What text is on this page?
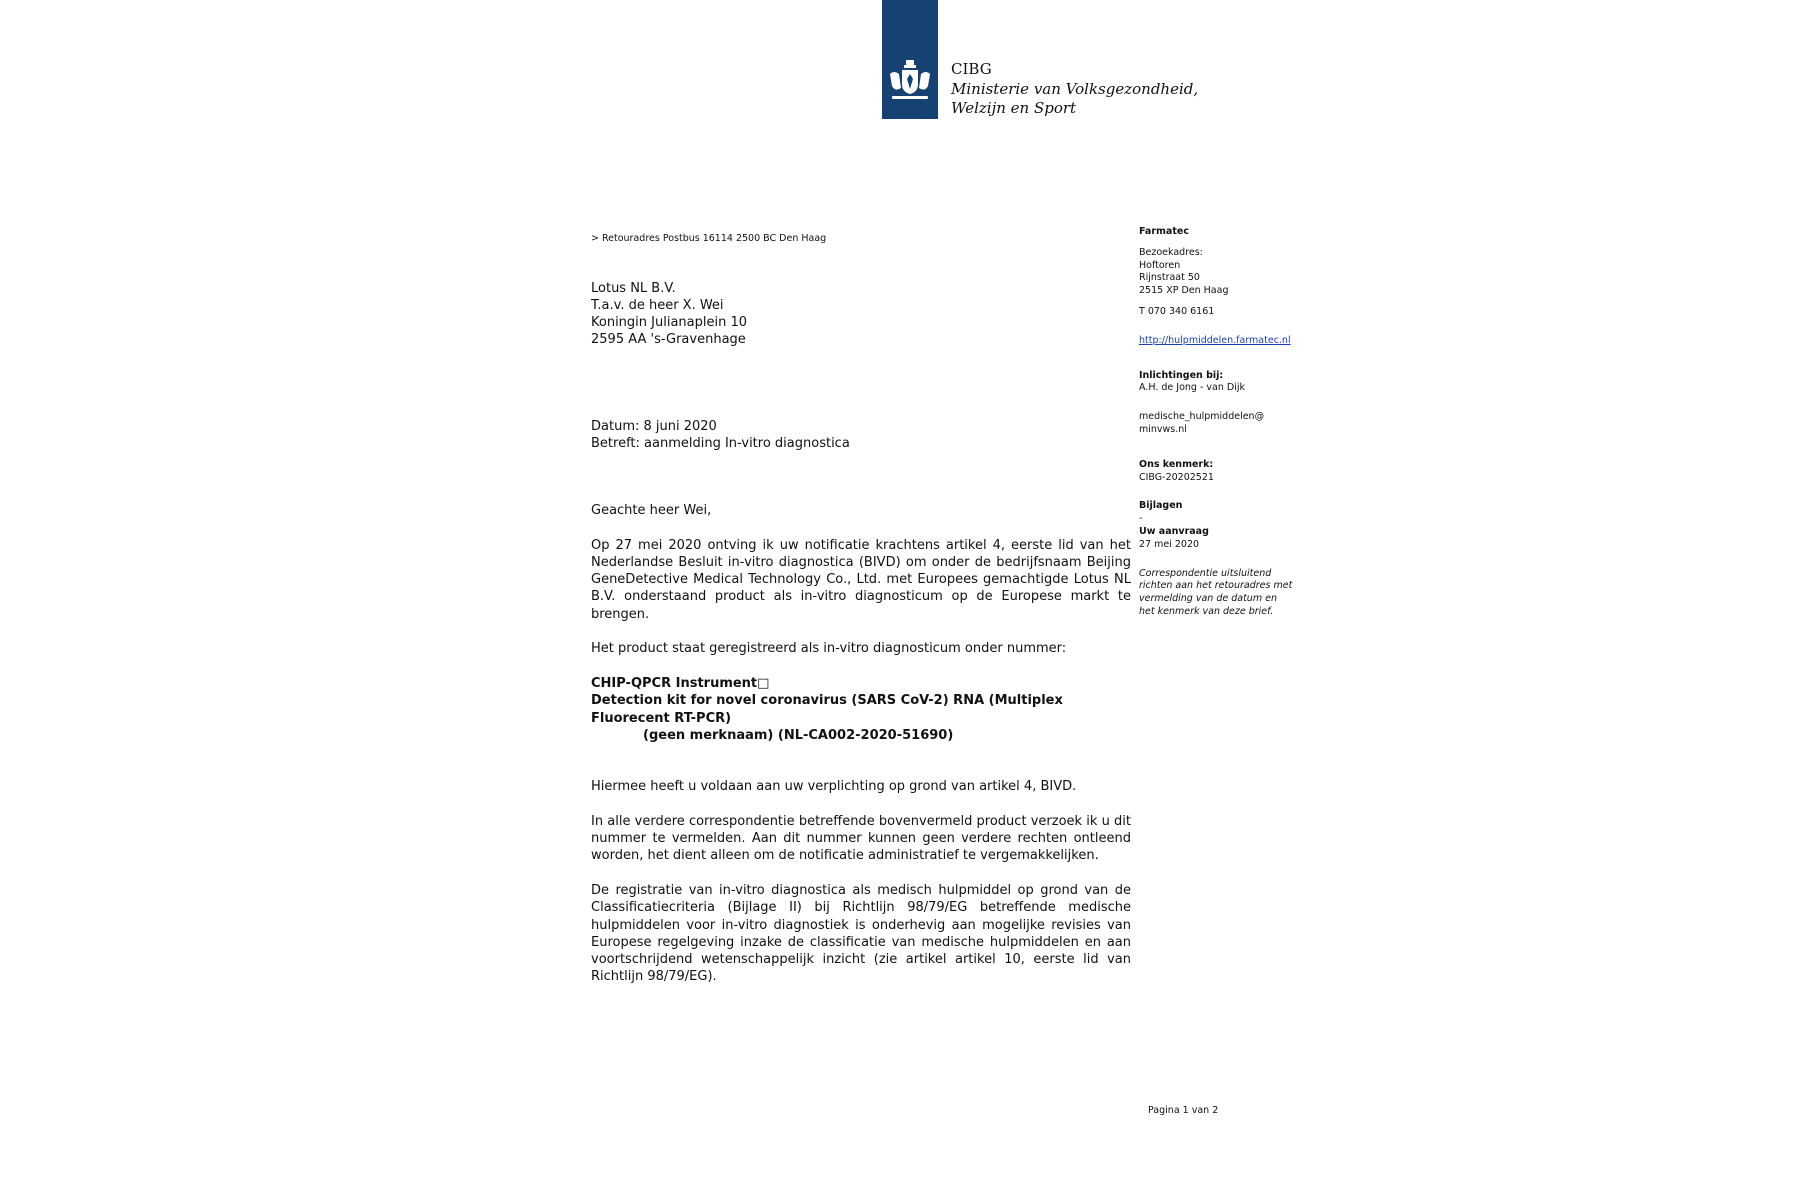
CIBG
Ministerie van Volksgezondheid,
Welzijn en Sport
> Retouradres Postbus 16114 2500 BC Den Haag
Lotus NL B.V.
T.a.v. de heer X. Wei
Koningin Julianaplein 10
2595 AA 's-Gravenhage
Datum: 8 juni 2020
Betreft: aanmelding In-vitro diagnostica
Geachte heer Wei,

Op 27 mei 2020 ontving ik uw notificatie krachtens artikel 4, eerste lid van het Nederlandse Besluit in-vitro diagnostica (BIVD) om onder de bedrijfsnaam Beijing GeneDetective Medical Technology Co., Ltd. met Europees gemachtigde Lotus NL B.V. onderstaand product als in-vitro diagnosticum op de Europese markt te brengen.

Het product staat geregistreerd als in-vitro diagnosticum onder nummer:

CHIP-QPCR Instrument□
Detection kit for novel coronavirus (SARS CoV-2) RNA (Multiplex Fluorecent RT-PCR)
(geen merknaam) (NL-CA002-2020-51690)

Hiermee heeft u voldaan aan uw verplichting op grond van artikel 4, BIVD.

In alle verdere correspondentie betreffende bovenvermeld product verzoek ik u dit nummer te vermelden. Aan dit nummer kunnen geen verdere rechten ontleend worden, het dient alleen om de notificatie administratief te vergemakkelijken.

De registratie van in-vitro diagnostica als medisch hulpmiddel op grond van de Classificatiecriteria (Bijlage II) bij Richtlijn 98/79/EG betreffende medische hulpmiddelen voor in-vitro diagnostiek is onderhevig aan mogelijke revisies van Europese regelgeving inzake de classificatie van medische hulpmiddelen en aan voortschrijdend wetenschappelijk inzicht (zie artikel artikel 10, eerste lid van Richtlijn 98/79/EG).

Farmatec
Bezoekadres:
Hoftoren
Rijnstraat 50
2515 XP Den Haag
T 070 340 6161
http://hulpmiddelen.farmatec.nl
Inlichtingen bij:
A.H. de Jong - van Dijk
medische_hulpmiddelen@
minvws.nl
Ons kenmerk:
CIBG-20202521
Bijlagen
-
Uw aanvraag
27 mei 2020
Correspondentie uitsluitend
richten aan het retouradres met
vermelding van de datum en
het kenmerk van deze brief.
Pagina 1 van 2
